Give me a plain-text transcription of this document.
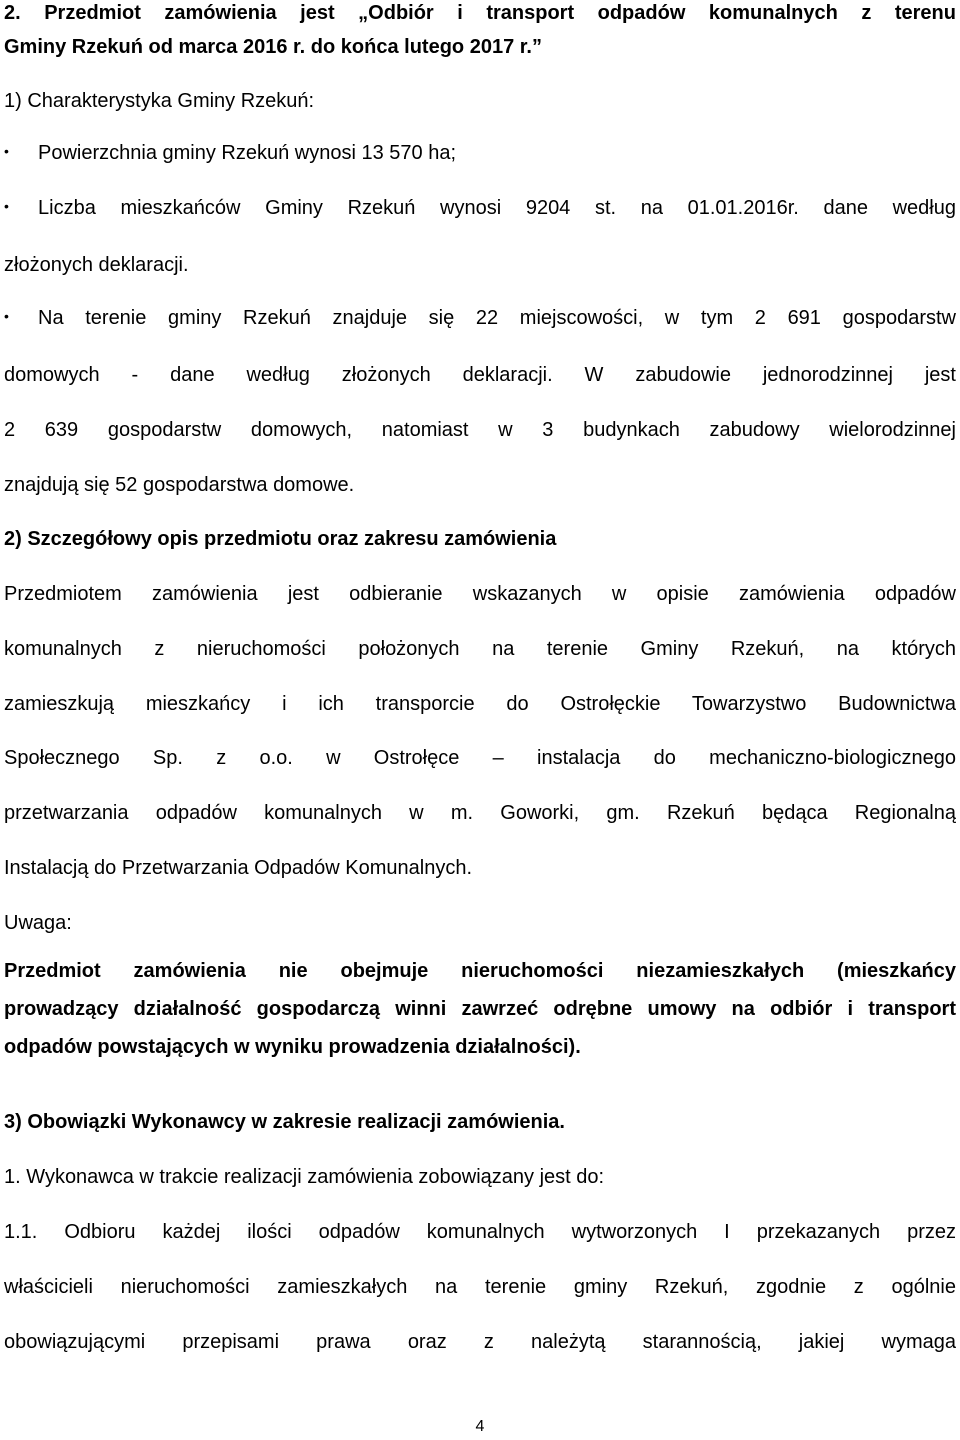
2. Przedmiot zamówienia jest „Odbiór i transport odpadów komunalnych z terenu
Gminy Rzekuń od marca 2016 r. do końca lutego 2017 r.”
1) Charakterystyka Gminy Rzekuń:
• Powierzchnia gminy Rzekuń wynosi 13 570 ha;
• Liczba mieszkańców Gminy Rzekuń wynosi 9204 st. na 01.01.2016r. dane według
złożonych deklaracji.
• Na terenie gminy Rzekuń znajduje się 22 miejscowości, w tym 2 691 gospodarstw
domowych - dane według złożonych deklaracji. W zabudowie jednorodzinnej jest
2 639 gospodarstw domowych, natomiast w 3 budynkach zabudowy wielorodzinnej
znajdują się 52 gospodarstwa domowe.
2) Szczegółowy opis przedmiotu oraz zakresu zamówienia
Przedmiotem zamówienia jest odbieranie wskazanych w opisie zamówienia odpadów
komunalnych z nieruchomości położonych na terenie Gminy Rzekuń, na których
zamieszkują mieszkańcy i ich transporcie do Ostrołęckie Towarzystwo Budownictwa
Społecznego Sp. z o.o. w Ostrołęce – instalacja do mechaniczno-biologicznego
przetwarzania odpadów komunalnych w m. Goworki, gm. Rzekuń będąca Regionalną
Instalacją do Przetwarzania Odpadów Komunalnych.
Uwaga:
Przedmiot zamówienia nie obejmuje nieruchomości niezamieszkałych (mieszkańcy
prowadzący działalność gospodarczą winni zawrzeć odrębne umowy na odbiór i transport
odpadów powstających w wyniku prowadzenia działalności).
3) Obowiązki Wykonawcy w zakresie realizacji zamówienia.
1. Wykonawca w trakcie realizacji zamówienia zobowiązany jest do:
1.1. Odbioru każdej ilości odpadów komunalnych wytworzonych I przekazanych przez
właścicieli nieruchomości zamieszkałych na terenie gminy Rzekuń, zgodnie z ogólnie
obowiązującymi przepisami prawa oraz z należytą starannością, jakiej wymaga
4
